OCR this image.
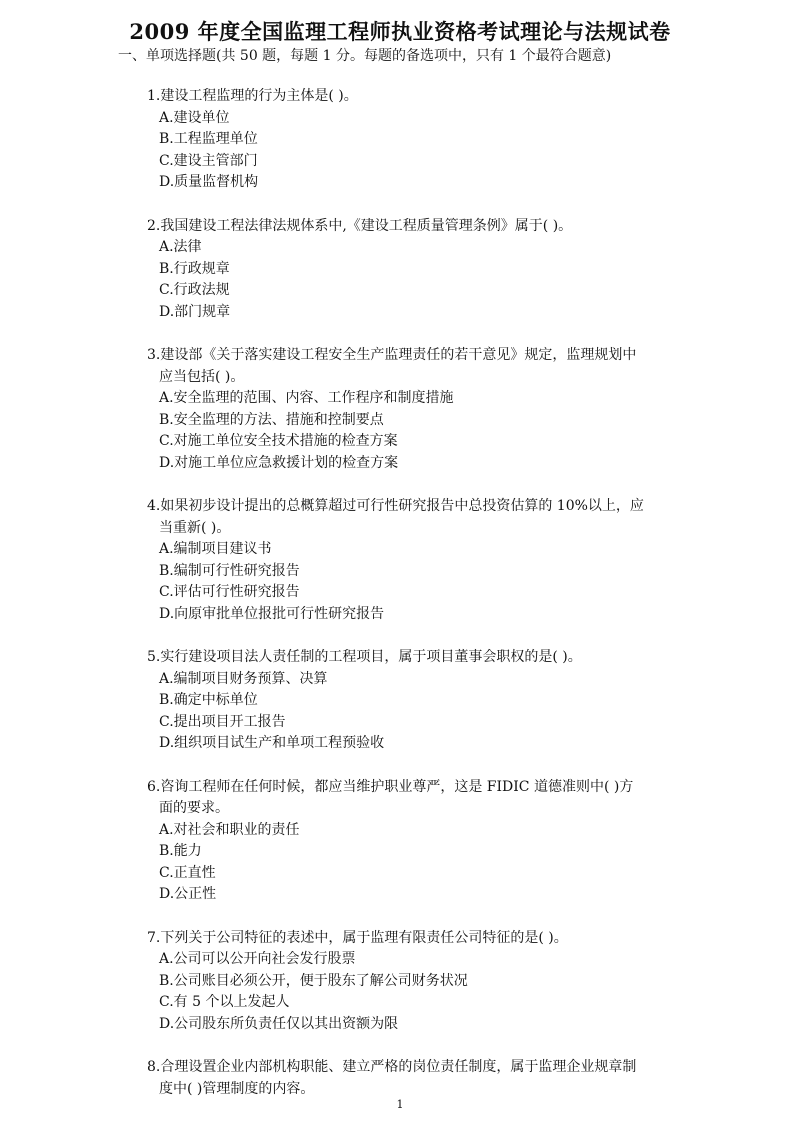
2009 年度全国监理工程师执业资格考试理论与法规试卷
一、单项选择题(共 50 题，每题 1 分。每题的备选项中，只有 1 个最符合题意)
1.建设工程监理的行为主体是( )。
A.建设单位
B.工程监理单位
C.建设主管部门
D.质量监督机构
2.我国建设工程法律法规体系中,《建设工程质量管理条例》属于( )。
A.法律
B.行政规章
C.行政法规
D.部门规章
3.建设部《关于落实建设工程安全生产监理责任的若干意见》规定，监理规划中
应当包括( )。
A.安全监理的范围、内容、工作程序和制度措施
B.安全监理的方法、措施和控制要点
C.对施工单位安全技术措施的检查方案
D.对施工单位应急救援计划的检查方案
4.如果初步设计提出的总概算超过可行性研究报告中总投资估算的 10%以上，应
当重新( )。
A.编制项目建议书
B.编制可行性研究报告
C.评估可行性研究报告
D.向原审批单位报批可行性研究报告
5.实行建设项目法人责任制的工程项目，属于项目董事会职权的是( )。
A.编制项目财务预算、决算
B.确定中标单位
C.提出项目开工报告
D.组织项目试生产和单项工程预验收
6.咨询工程师在任何时候，都应当维护职业尊严，这是 FIDIC 道德准则中( )方
面的要求。
A.对社会和职业的责任
B.能力
C.正直性
D.公正性
7.下列关于公司特征的表述中，属于监理有限责任公司特征的是( )。
A.公司可以公开向社会发行股票
B.公司账目必须公开，便于股东了解公司财务状况
C.有 5 个以上发起人
D.公司股东所负责任仅以其出资额为限
8.合理设置企业内部机构职能、建立严格的岗位责任制度，属于监理企业规章制
度中( )管理制度的内容。
1
